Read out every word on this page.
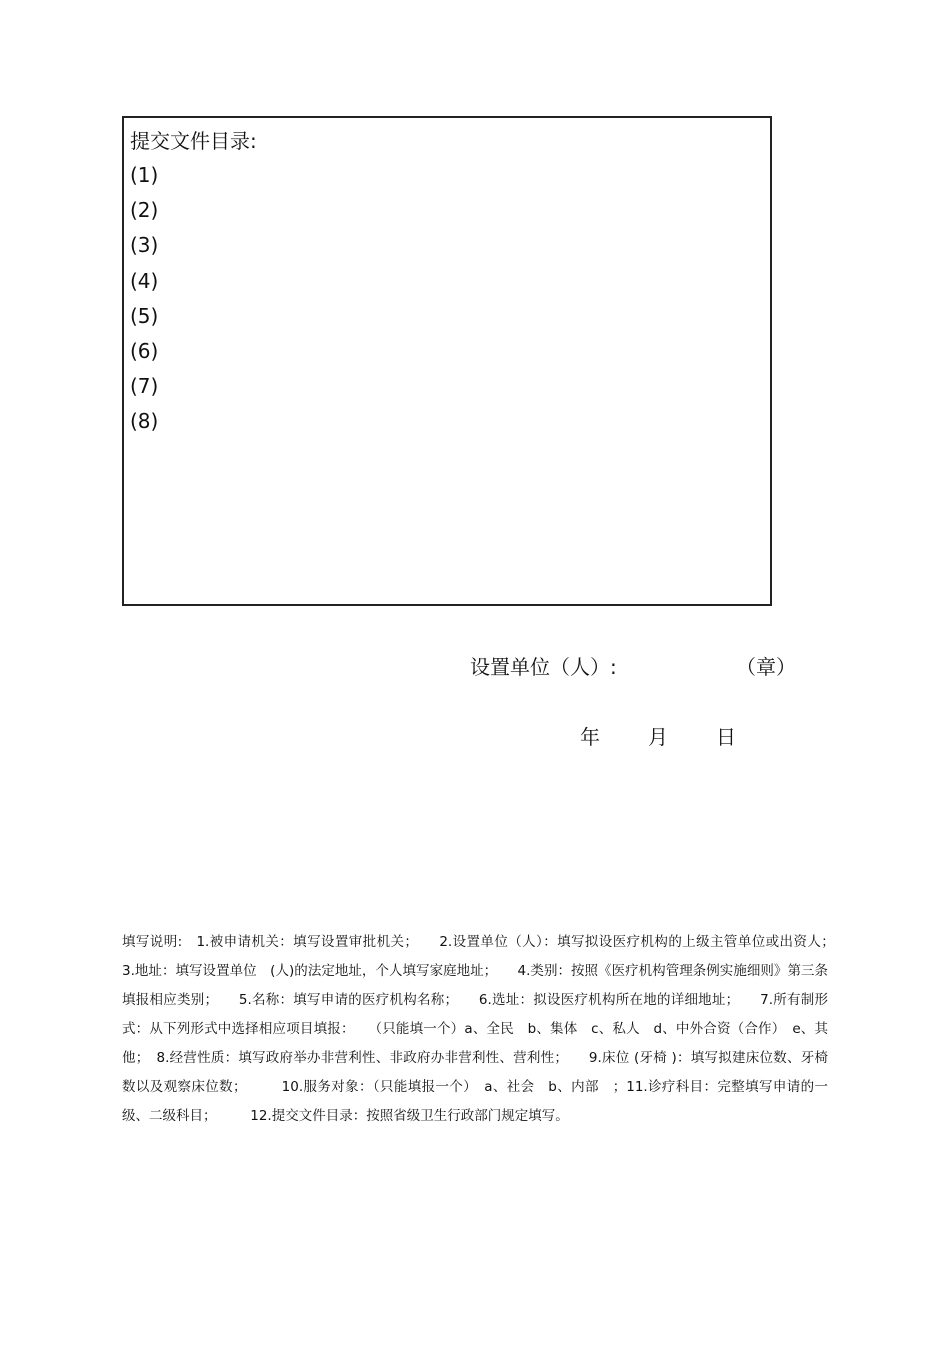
提交文件目录:
(1)
(2)
(3)
(4)
(5)
(6)
(7)
(8)
设置单位（人）:	（章）
年 月 日
填写说明:　1.被申请机关：填写设置审批机关；　　2.设置单位（人）：填写拟设医疗机构的上级主管单位或出资人；　3.地址：填写设置单位　(人)的法定地址，个人填写家庭地址；　　4.类别：按照《医疗机构管理条例实施细则》第三条填报相应类别；　　5.名称：填写申请的医疗机构名称；　　6.选址：拟设医疗机构所在地的详细地址；　　7.所有制形式：从下列形式中选择相应项目填报：　　（只能填一个）a、全民　b、集体　c、私人　d、中外合资（合作）　e、其他；　8.经营性质：填写政府举办非营利性、非政府办非营利性、营利性；　　9.床位 (牙椅 )：填写拟建床位数、牙椅数以及观察床位数；　　　10.服务对象：（只能填报一个）　a、社会　b、内部　；11.诊疗科目：完整填写申请的一级、二级科目；　　　12.提交文件目录：按照省级卫生行政部门规定填写。
